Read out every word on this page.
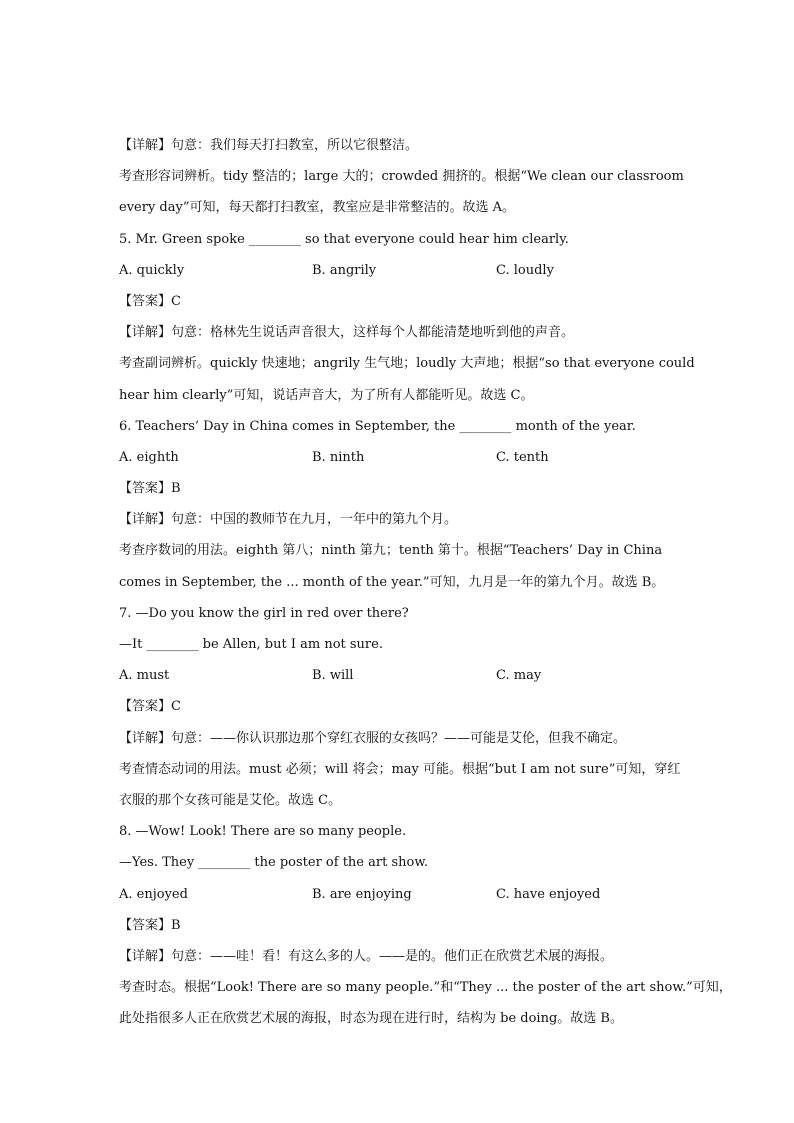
【详解】句意：我们每天打扫教室，所以它很整洁。
考查形容词辨析。tidy 整洁的；large 大的；crowded 拥挤的。根据“We clean our classroom
every day”可知，每天都打扫教室，教室应是非常整洁的。故选 A。
5. Mr. Green spoke ________ so that everyone could hear him clearly.
A. quickly	B. angrily	C. loudly
【答案】C
【详解】句意：格林先生说话声音很大，这样每个人都能清楚地听到他的声音。
考查副词辨析。quickly 快速地；angrily 生气地；loudly 大声地；根据“so that everyone could
hear him clearly”可知，说话声音大，为了所有人都能听见。故选 C。
6. Teachers’ Day in China comes in September, the ________ month of the year.
A. eighth	B. ninth	C. tenth
【答案】B
【详解】句意：中国的教师节在九月，一年中的第九个月。
考查序数词的用法。eighth 第八；ninth 第九；tenth 第十。根据“Teachers’ Day in China
comes in September, the ... month of the year.”可知，九月是一年的第九个月。故选 B。
7. —Do you know the girl in red over there?
—It ________ be Allen, but I am not sure.
A. must	B. will	C. may
【答案】C
【详解】句意：——你认识那边那个穿红衣服的女孩吗？——可能是艾伦，但我不确定。
考查情态动词的用法。must 必须；will 将会；may 可能。根据“but I am not sure”可知，穿红
衣服的那个女孩可能是艾伦。故选 C。
8. —Wow! Look! There are so many people.
—Yes. They ________ the poster of the art show.
A. enjoyed	B. are enjoying	C. have enjoyed
【答案】B
【详解】句意：——哇！看！有这么多的人。——是的。他们正在欣赏艺术展的海报。
考查时态。根据“Look! There are so many people.”和“They ... the poster of the art show.”可知，
此处指很多人正在欣赏艺术展的海报，时态为现在进行时，结构为 be doing。故选 B。
